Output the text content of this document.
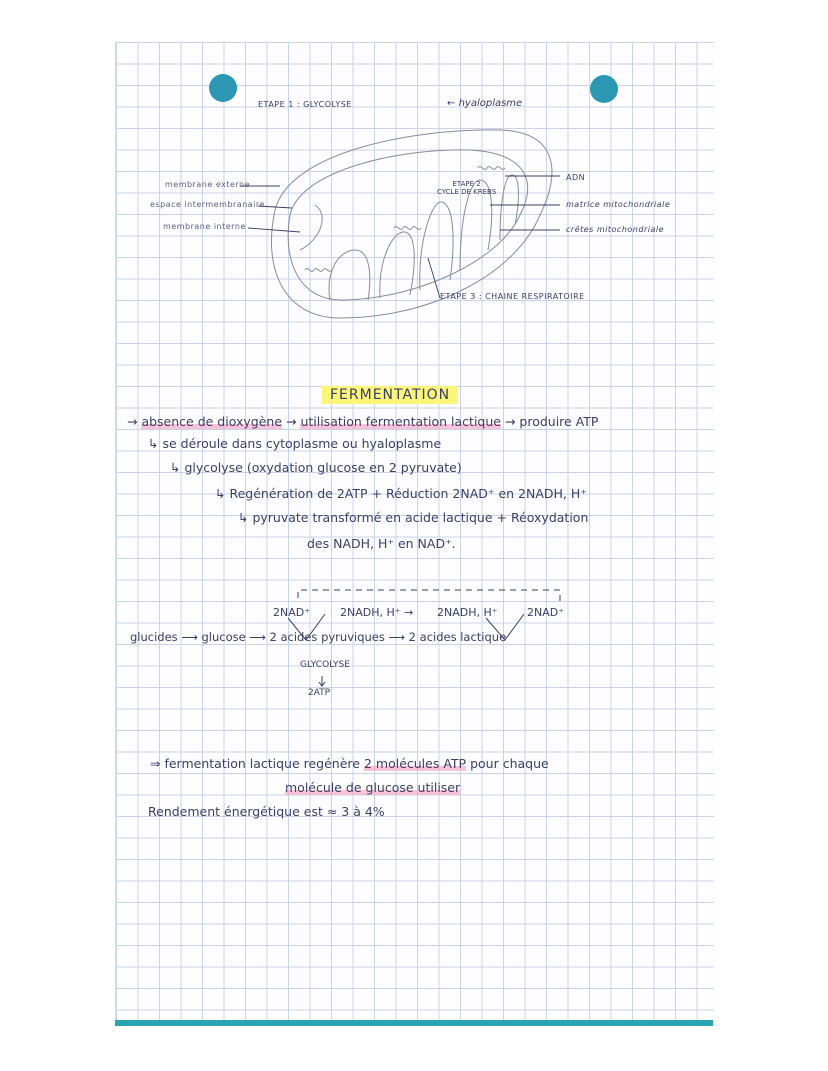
ETAPE 1 : GLYCOLYSE	← hyaloplasme
membrane externe
espace intermembranaire
membrane interne
ADN
matrice mitochondriale
crêtes mitochondriale
ETAPE 2
CYCLE DE KREBS
ETAPE 3 : CHAINE RESPIRATOIRE
FERMENTATION
→ absence de dioxygène → utilisation fermentation lactique → produire ATP
↳ se déroule dans cytoplasme ou hyaloplasme
↳ glycolyse (oxydation glucose en 2 pyruvate)
↳ Regénération de 2ATP + Réduction 2NAD⁺ en 2NADH, H⁺
↳ pyruvate transformé en acide lactique + Réoxydation
des NADH, H⁺ en NAD⁺.
2NAD⁺	2NADH, H⁺ → 2NADH, H⁺	2NAD⁺
glucides ⟶ glucose ⟶ 2 acides pyruviques ⟶ 2 acides lactique
GLYCOLYSE
2ATP
⇒ fermentation lactique regénère 2 molécules ATP pour chaque
molécule de glucose utiliser
Rendement énergétique est ≈ 3 à 4%
